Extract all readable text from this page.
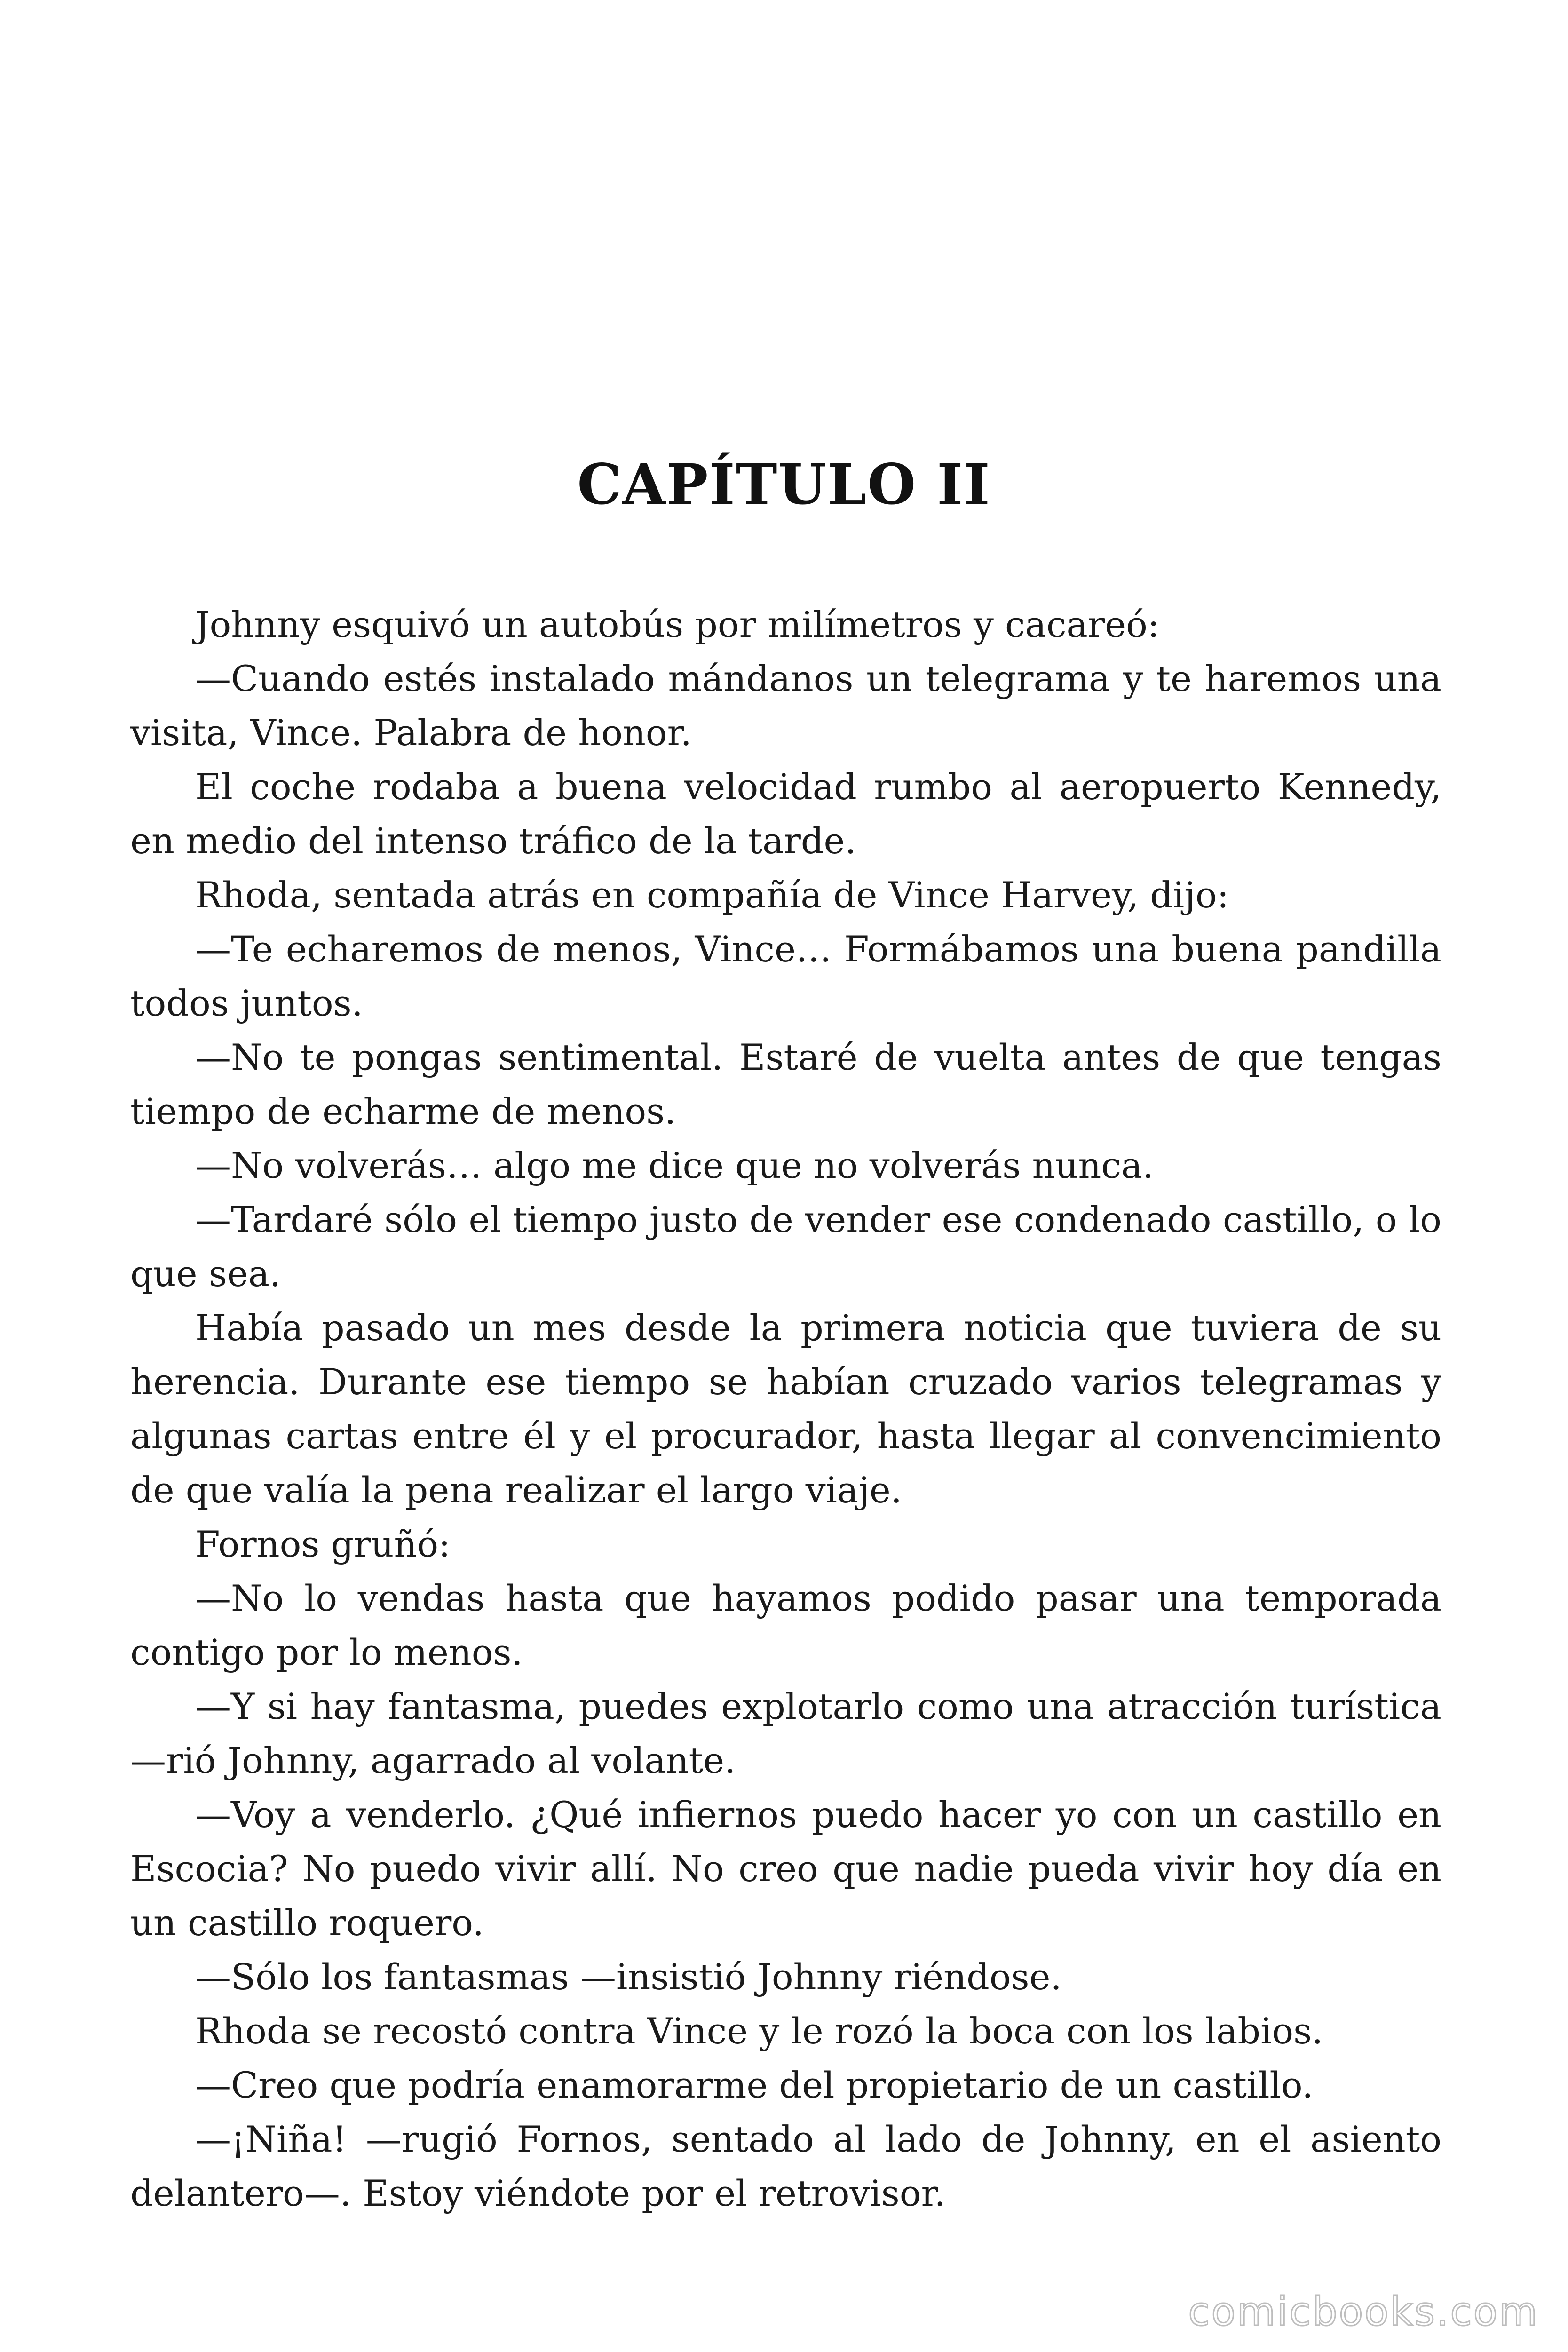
CAPÍTULO II

Johnny esquivó un autobús por milímetros y cacareó:

—Cuando estés instalado mándanos un telegrama y te haremos una visita, Vince. Palabra de honor.

El coche rodaba a buena velocidad rumbo al aeropuerto Kennedy, en medio del intenso tráfico de la tarde.

Rhoda, sentada atrás en compañía de Vince Harvey, dijo:

—Te echaremos de menos, Vince… Formábamos una buena pandilla todos juntos.

—No te pongas sentimental. Estaré de vuelta antes de que tengas tiempo de echarme de menos.

—No volverás… algo me dice que no volverás nunca.

—Tardaré sólo el tiempo justo de vender ese condenado castillo, o lo que sea.

Había pasado un mes desde la primera noticia que tuviera de su herencia. Durante ese tiempo se habían cruzado varios telegramas y algunas cartas entre él y el procurador, hasta llegar al convencimiento de que valía la pena realizar el largo viaje.

Fornos gruñó:

—No lo vendas hasta que hayamos podido pasar una temporada contigo por lo menos.

—Y si hay fantasma, puedes explotarlo como una atracción turística —rió Johnny, agarrado al volante.

—Voy a venderlo. ¿Qué infiernos puedo hacer yo con un castillo en Escocia? No puedo vivir allí. No creo que nadie pueda vivir hoy día en un castillo roquero.

—Sólo los fantasmas —insistió Johnny riéndose.

Rhoda se recostó contra Vince y le rozó la boca con los labios.

—Creo que podría enamorarme del propietario de un castillo.

—¡Niña! —rugió Fornos, sentado al lado de Johnny, en el asiento delantero—. Estoy viéndote por el retrovisor.

comicbooks.com
